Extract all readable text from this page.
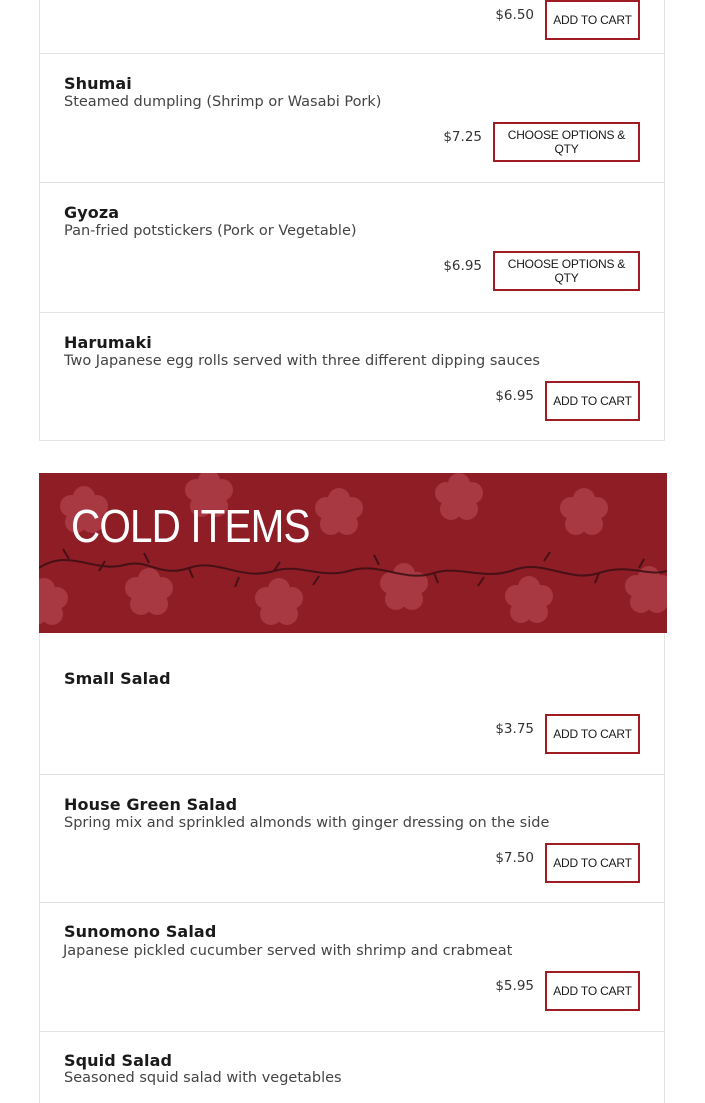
$6.50	ADD TO CART
Shumai
Steamed dumpling (Shrimp or Wasabi Pork)
$7.25	CHOOSE OPTIONS & QTY
Gyoza
Pan-fried potstickers (Pork or Vegetable)
$6.95	CHOOSE OPTIONS & QTY
Harumaki
Two Japanese egg rolls served with three different dipping sauces
$6.95	ADD TO CART
COLD ITEMS
Small Salad
$3.75	ADD TO CART
House Green Salad
Spring mix and sprinkled almonds with ginger dressing on the side
$7.50	ADD TO CART
Sunomono Salad
Japanese pickled cucumber served with shrimp and crabmeat
$5.95	ADD TO CART
Squid Salad
Seasoned squid salad with vegetables
